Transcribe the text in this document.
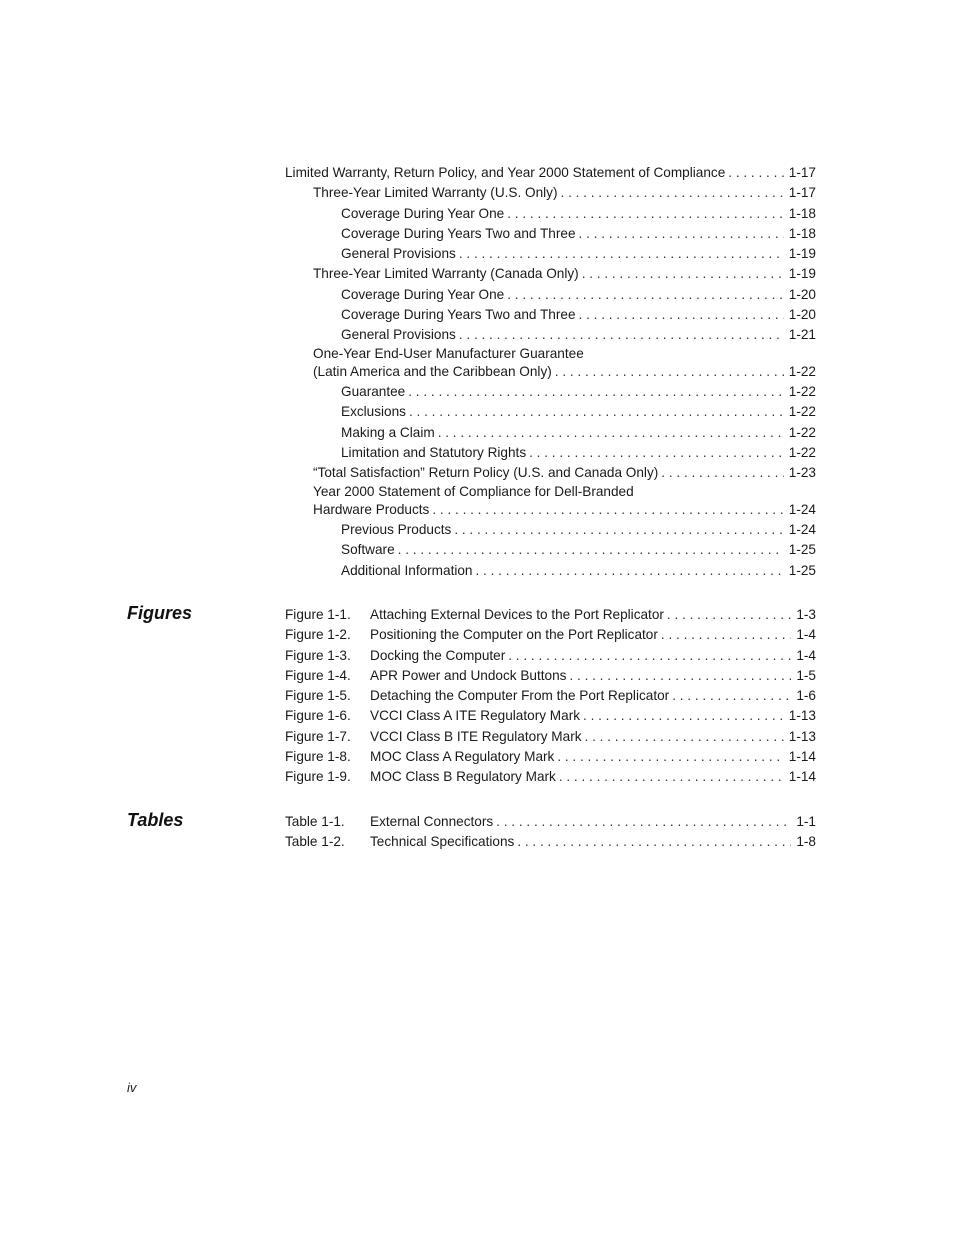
Limited Warranty, Return Policy, and Year 2000 Statement of Compliance . . .	1-17
Three-Year Limited Warranty (U.S. Only) . . .	1-17
Coverage During Year One . . .	1-18
Coverage During Years Two and Three . . .	1-18
General Provisions . . .	1-19
Three-Year Limited Warranty (Canada Only) . . .	1-19
Coverage During Year One . . .	1-20
Coverage During Years Two and Three . . .	1-20
General Provisions . . .	1-21
One-Year End-User Manufacturer Guarantee
(Latin America and the Caribbean Only) . . .	1-22
Guarantee . . .	1-22
Exclusions . . .	1-22
Making a Claim . . .	1-22
Limitation and Statutory Rights . . .	1-22
“Total Satisfaction” Return Policy (U.S. and Canada Only) . . .	1-23
Year 2000 Statement of Compliance for Dell-Branded
Hardware Products . . .	1-24
Previous Products . . .	1-24
Software . . .	1-25
Additional Information . . .	1-25
Figures	Figure 1-1. Attaching External Devices to the Port Replicator . . .	1-3
Figure 1-2. Positioning the Computer on the Port Replicator . . .	1-4
Figure 1-3. Docking the Computer . . .	1-4
Figure 1-4. APR Power and Undock Buttons . . .	1-5
Figure 1-5. Detaching the Computer From the Port Replicator . . .	1-6
Figure 1-6. VCCI Class A ITE Regulatory Mark . . .	1-13
Figure 1-7. VCCI Class B ITE Regulatory Mark . . .	1-13
Figure 1-8. MOC Class A Regulatory Mark . . .	1-14
Figure 1-9. MOC Class B Regulatory Mark . . .	1-14
Tables	Table 1-1. External Connectors . . .	1-1
Table 1-2. Technical Specifications . . .	1-8
iv
